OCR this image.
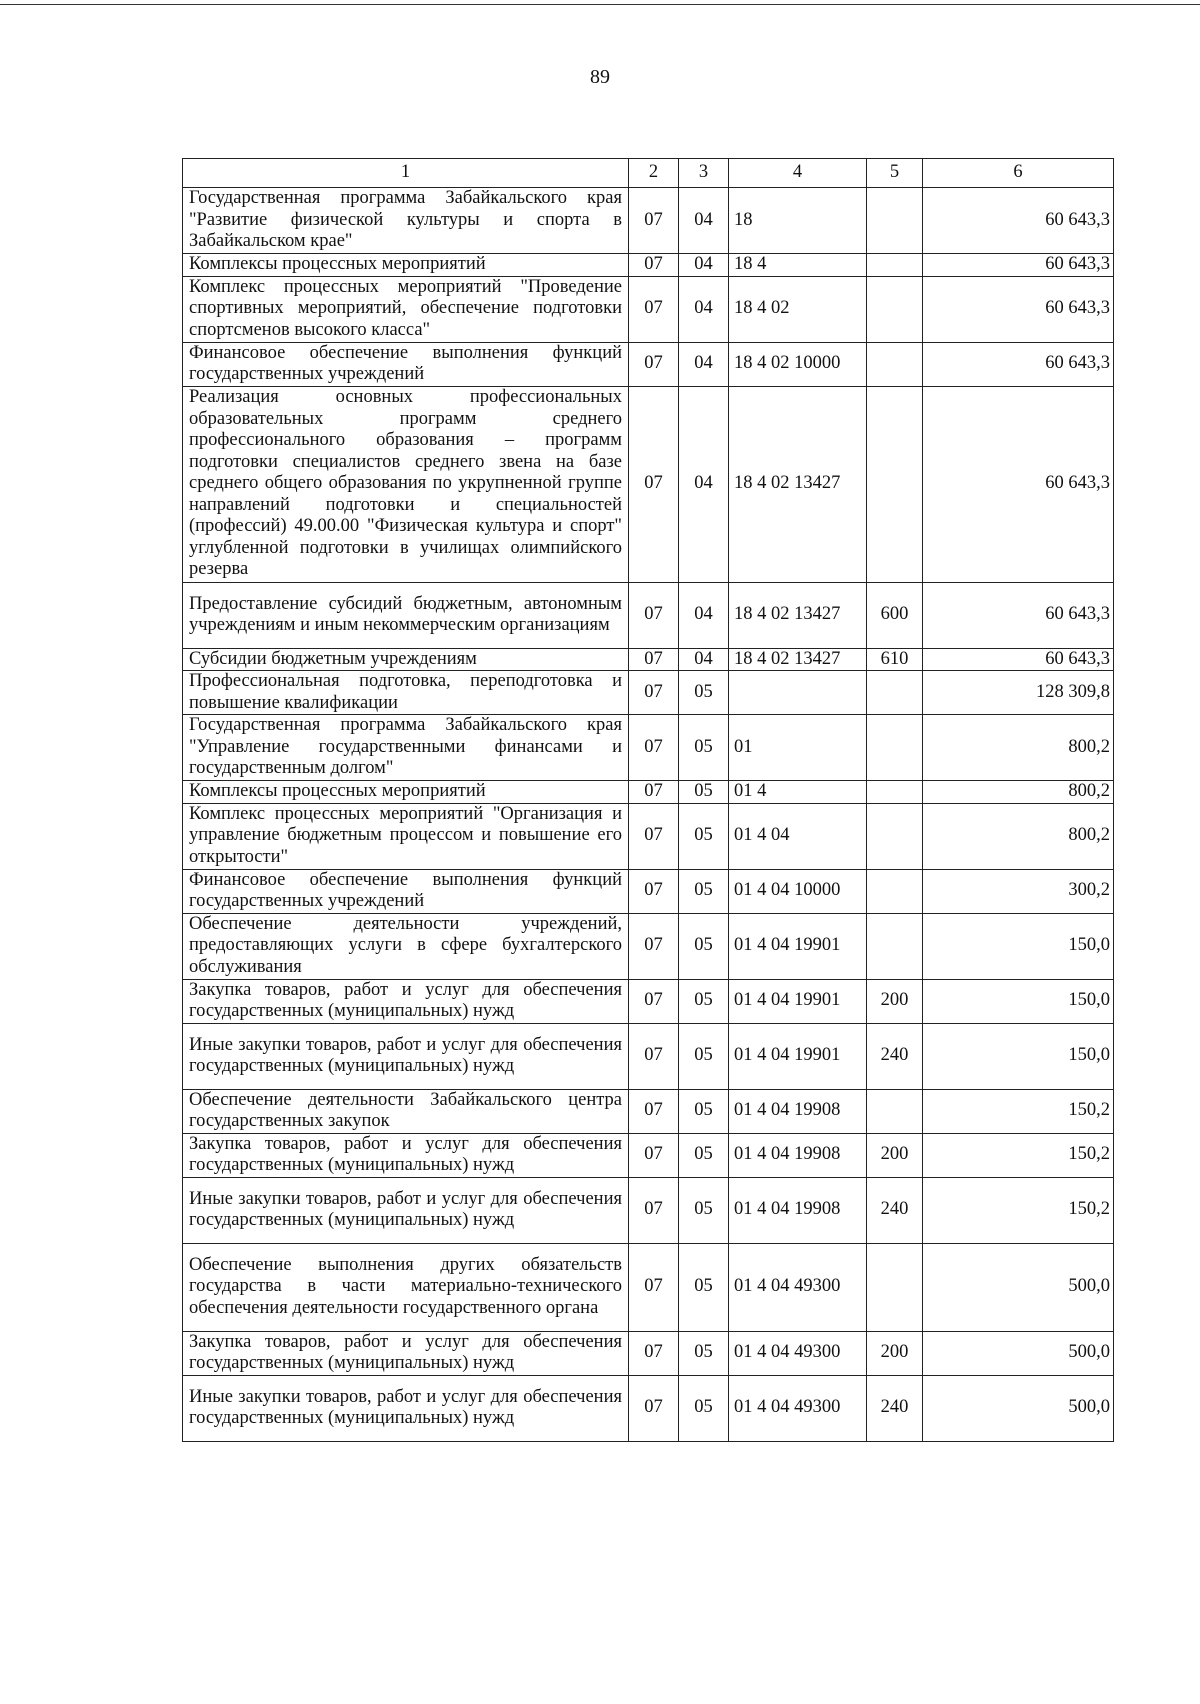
89
1	2	3	4	5	6
Государственная программа Забайкальского края "Развитие физической культуры и спорта в Забайкальском крае"	07	04	18		60 643,3
Комплексы процессных мероприятий	07	04	18 4		60 643,3
Комплекс процессных мероприятий "Проведение спортивных мероприятий, обеспечение подготовки спортсменов высокого класса"	07	04	18 4 02		60 643,3
Финансовое обеспечение выполнения функций государственных учреждений	07	04	18 4 02 10000		60 643,3
Реализация основных профессиональных образовательных программ среднего профессионального образования – программ подготовки специалистов среднего звена на базе среднего общего образования по укрупненной группе направлений подготовки и специальностей (профессий) 49.00.00 "Физическая культура и спорт" углубленной подготовки в училищах олимпийского резерва	07	04	18 4 02 13427		60 643,3
Предоставление субсидий бюджетным, автономным учреждениям и иным некоммерческим организациям	07	04	18 4 02 13427	600	60 643,3
Субсидии бюджетным учреждениям	07	04	18 4 02 13427	610	60 643,3
Профессиональная подготовка, переподготовка и повышение квалификации	07	05			128 309,8
Государственная программа Забайкальского края "Управление государственными финансами и государственным долгом"	07	05	01		800,2
Комплексы процессных мероприятий	07	05	01 4		800,2
Комплекс процессных мероприятий "Организация и управление бюджетным процессом и повышение его открытости"	07	05	01 4 04		800,2
Финансовое обеспечение выполнения функций государственных учреждений	07	05	01 4 04 10000		300,2
Обеспечение деятельности учреждений, предоставляющих услуги в сфере бухгалтерского обслуживания	07	05	01 4 04 19901		150,0
Закупка товаров, работ и услуг для обеспечения государственных (муниципальных) нужд	07	05	01 4 04 19901	200	150,0
Иные закупки товаров, работ и услуг для обеспечения государственных (муниципальных) нужд	07	05	01 4 04 19901	240	150,0
Обеспечение деятельности Забайкальского центра государственных закупок	07	05	01 4 04 19908		150,2
Закупка товаров, работ и услуг для обеспечения государственных (муниципальных) нужд	07	05	01 4 04 19908	200	150,2
Иные закупки товаров, работ и услуг для обеспечения государственных (муниципальных) нужд	07	05	01 4 04 19908	240	150,2
Обеспечение выполнения других обязательств государства в части материально-технического обеспечения деятельности государственного органа	07	05	01 4 04 49300		500,0
Закупка товаров, работ и услуг для обеспечения государственных (муниципальных) нужд	07	05	01 4 04 49300	200	500,0
Иные закупки товаров, работ и услуг для обеспечения государственных (муниципальных) нужд	07	05	01 4 04 49300	240	500,0
